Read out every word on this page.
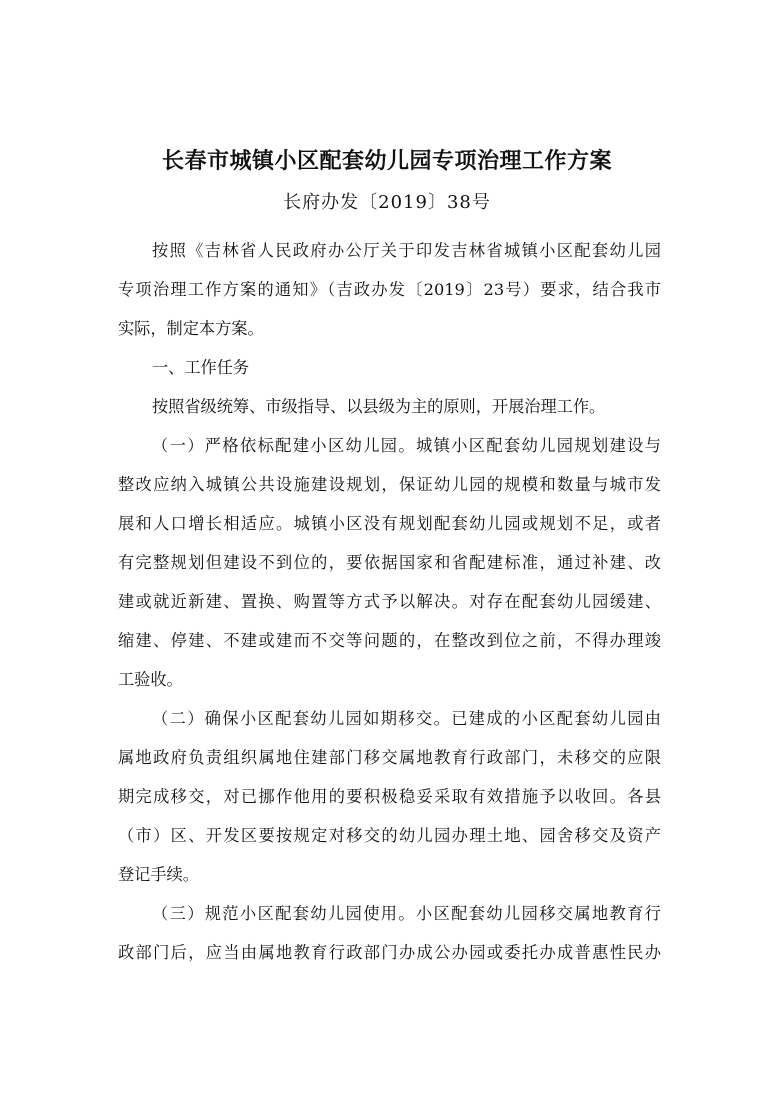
长春市城镇小区配套幼儿园专项治理工作方案
长府办发〔2019〕38号
按照《吉林省人民政府办公厅关于印发吉林省城镇小区配套幼儿园
专项治理工作方案的通知》（吉政办发〔2019〕23号）要求，结合我市
实际，制定本方案。
一、工作任务
按照省级统筹、市级指导、以县级为主的原则，开展治理工作。
（一）严格依标配建小区幼儿园。城镇小区配套幼儿园规划建设与
整改应纳入城镇公共设施建设规划，保证幼儿园的规模和数量与城市发
展和人口增长相适应。城镇小区没有规划配套幼儿园或规划不足，或者
有完整规划但建设不到位的，要依据国家和省配建标准，通过补建、改
建或就近新建、置换、购置等方式予以解决。对存在配套幼儿园缓建、
缩建、停建、不建或建而不交等问题的，在整改到位之前，不得办理竣
工验收。
（二）确保小区配套幼儿园如期移交。已建成的小区配套幼儿园由
属地政府负责组织属地住建部门移交属地教育行政部门，未移交的应限
期完成移交，对已挪作他用的要积极稳妥采取有效措施予以收回。各县
（市）区、开发区要按规定对移交的幼儿园办理土地、园舍移交及资产
登记手续。
（三）规范小区配套幼儿园使用。小区配套幼儿园移交属地教育行
政部门后，应当由属地教育行政部门办成公办园或委托办成普惠性民办
